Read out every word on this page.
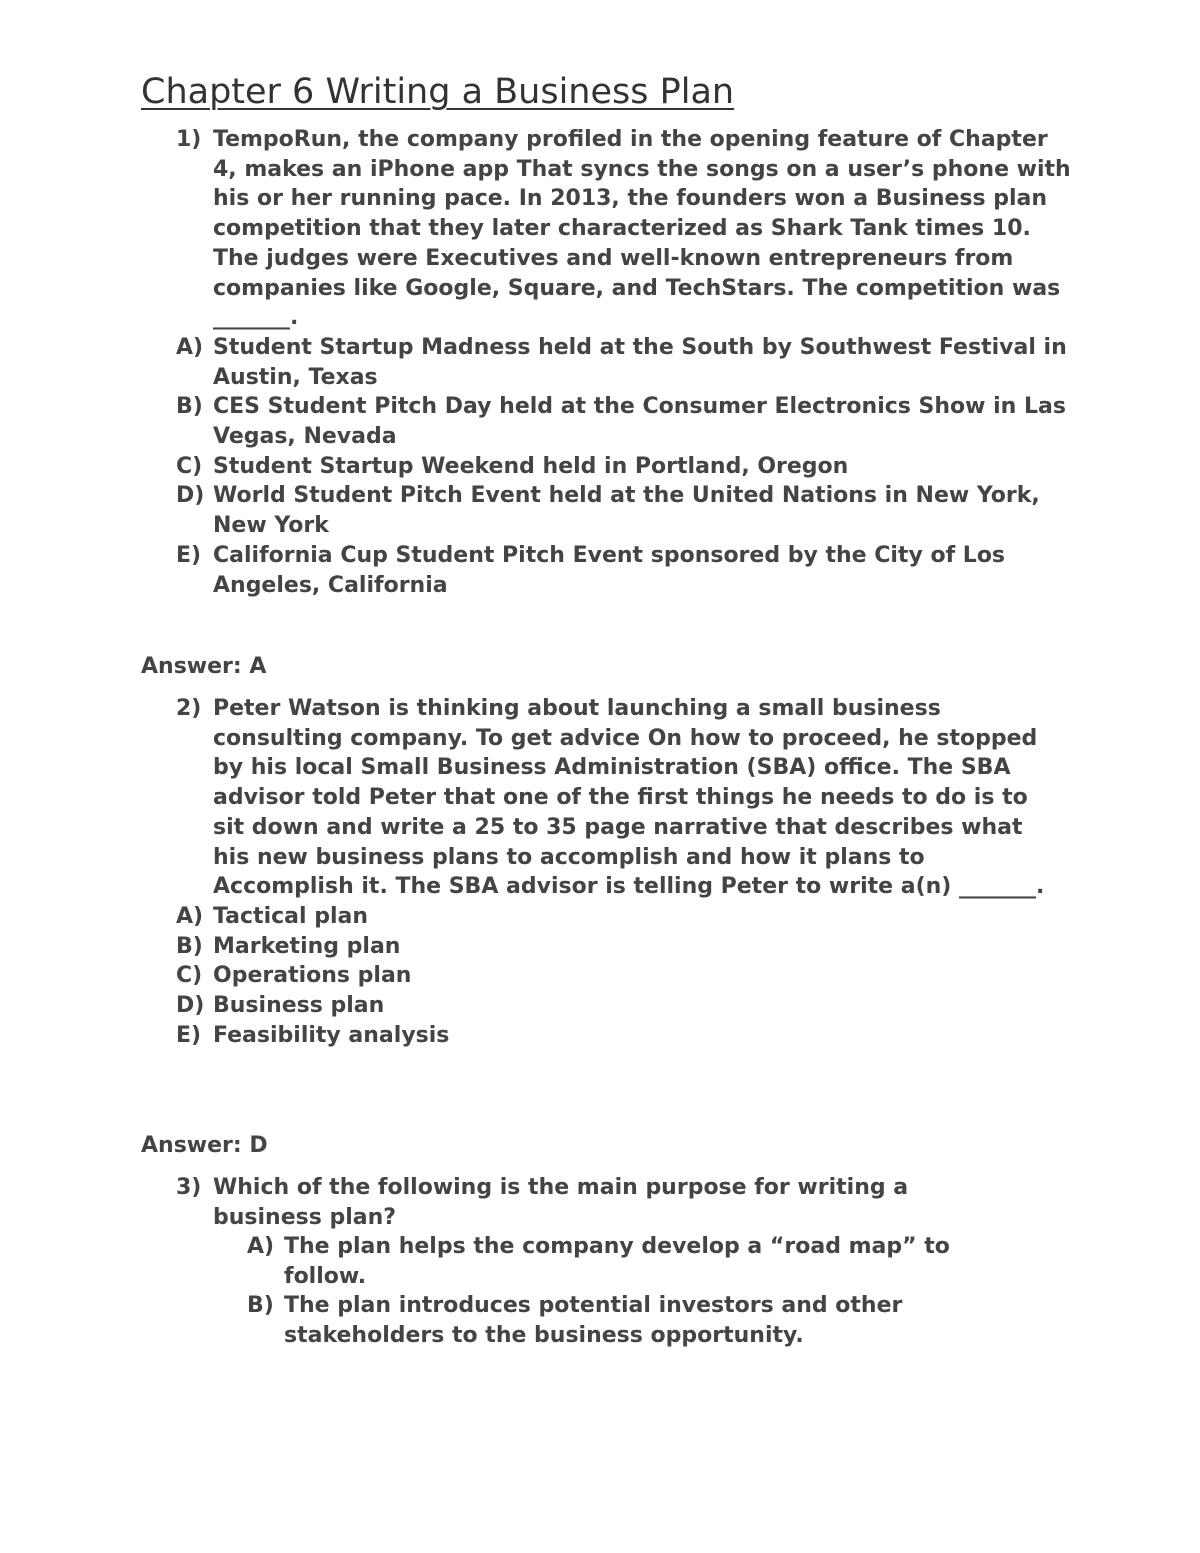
Chapter 6 Writing a Business Plan
1) TempoRun, the company profiled in the opening feature of Chapter 4, makes an iPhone app That syncs the songs on a user’s phone with his or her running pace. In 2013, the founders won a Business plan competition that they later characterized as Shark Tank times 10. The judges were Executives and well-known entrepreneurs from companies like Google, Square, and TechStars. The competition was _______.
A) Student Startup Madness held at the South by Southwest Festival in Austin, Texas
B) CES Student Pitch Day held at the Consumer Electronics Show in Las Vegas, Nevada
C) Student Startup Weekend held in Portland, Oregon
D) World Student Pitch Event held at the United Nations in New York, New York
E) California Cup Student Pitch Event sponsored by the City of Los Angeles, California
Answer: A
2) Peter Watson is thinking about launching a small business consulting company. To get advice On how to proceed, he stopped by his local Small Business Administration (SBA) office. The SBA advisor told Peter that one of the first things he needs to do is to sit down and write a 25 to 35 page narrative that describes what his new business plans to accomplish and how it plans to Accomplish it. The SBA advisor is telling Peter to write a(n) _______.
A) Tactical plan
B) Marketing plan
C) Operations plan
D) Business plan
E) Feasibility analysis
Answer: D
3) Which of the following is the main purpose for writing a business plan?
A) The plan helps the company develop a “road map” to follow.
B) The plan introduces potential investors and other stakeholders to the business opportunity.
